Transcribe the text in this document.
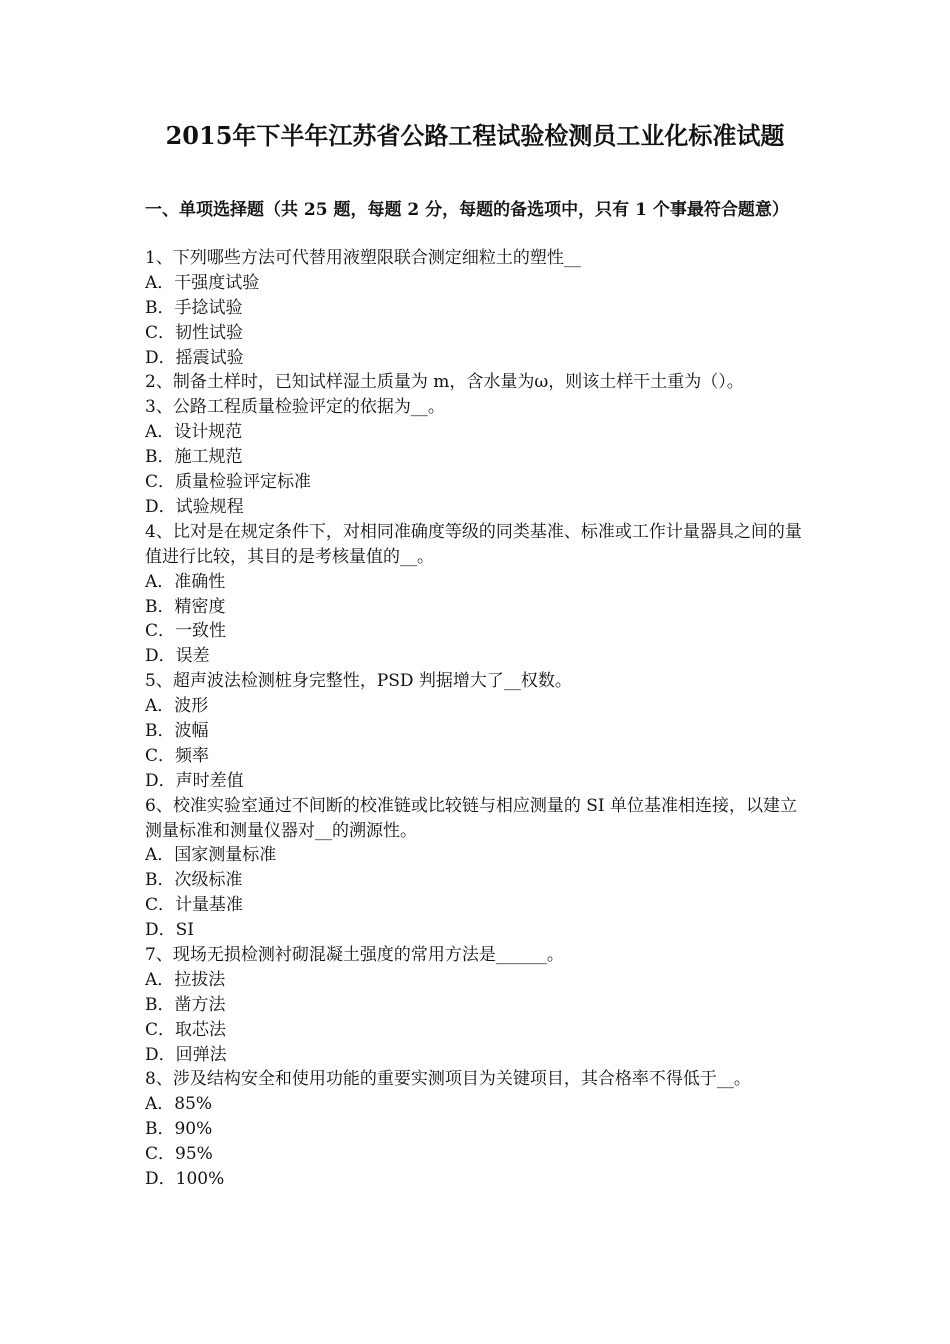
2015年下半年江苏省公路工程试验检测员工业化标准试题
一、单项选择题（共 25 题，每题 2 分，每题的备选项中，只有 1 个事最符合题意）
1、下列哪些方法可代替用液塑限联合测定细粒土的塑性__
A．干强度试验
B．手捻试验
C．韧性试验
D．摇震试验
2、制备土样时，已知试样湿土质量为 m，含水量为ω，则该土样干土重为（）。
3、公路工程质量检验评定的依据为__。
A．设计规范
B．施工规范
C．质量检验评定标准
D．试验规程
4、比对是在规定条件下，对相同准确度等级的同类基准、标准或工作计量器具之间的量值进行比较，其目的是考核量值的__。
A．准确性
B．精密度
C．一致性
D．误差
5、超声波法检测桩身完整性，PSD 判据增大了__权数。
A．波形
B．波幅
C．频率
D．声时差值
6、校准实验室通过不间断的校准链或比较链与相应测量的 SI 单位基准相连接，以建立测量标准和测量仪器对__的溯源性。
A．国家测量标准
B．次级标准
C．计量基准
D．SI
7、现场无损检测衬砌混凝土强度的常用方法是______。
A．拉拔法
B．凿方法
C．取芯法
D．回弹法
8、涉及结构安全和使用功能的重要实测项目为关键项目，其合格率不得低于__。
A．85%
B．90%
C．95%
D．100%
